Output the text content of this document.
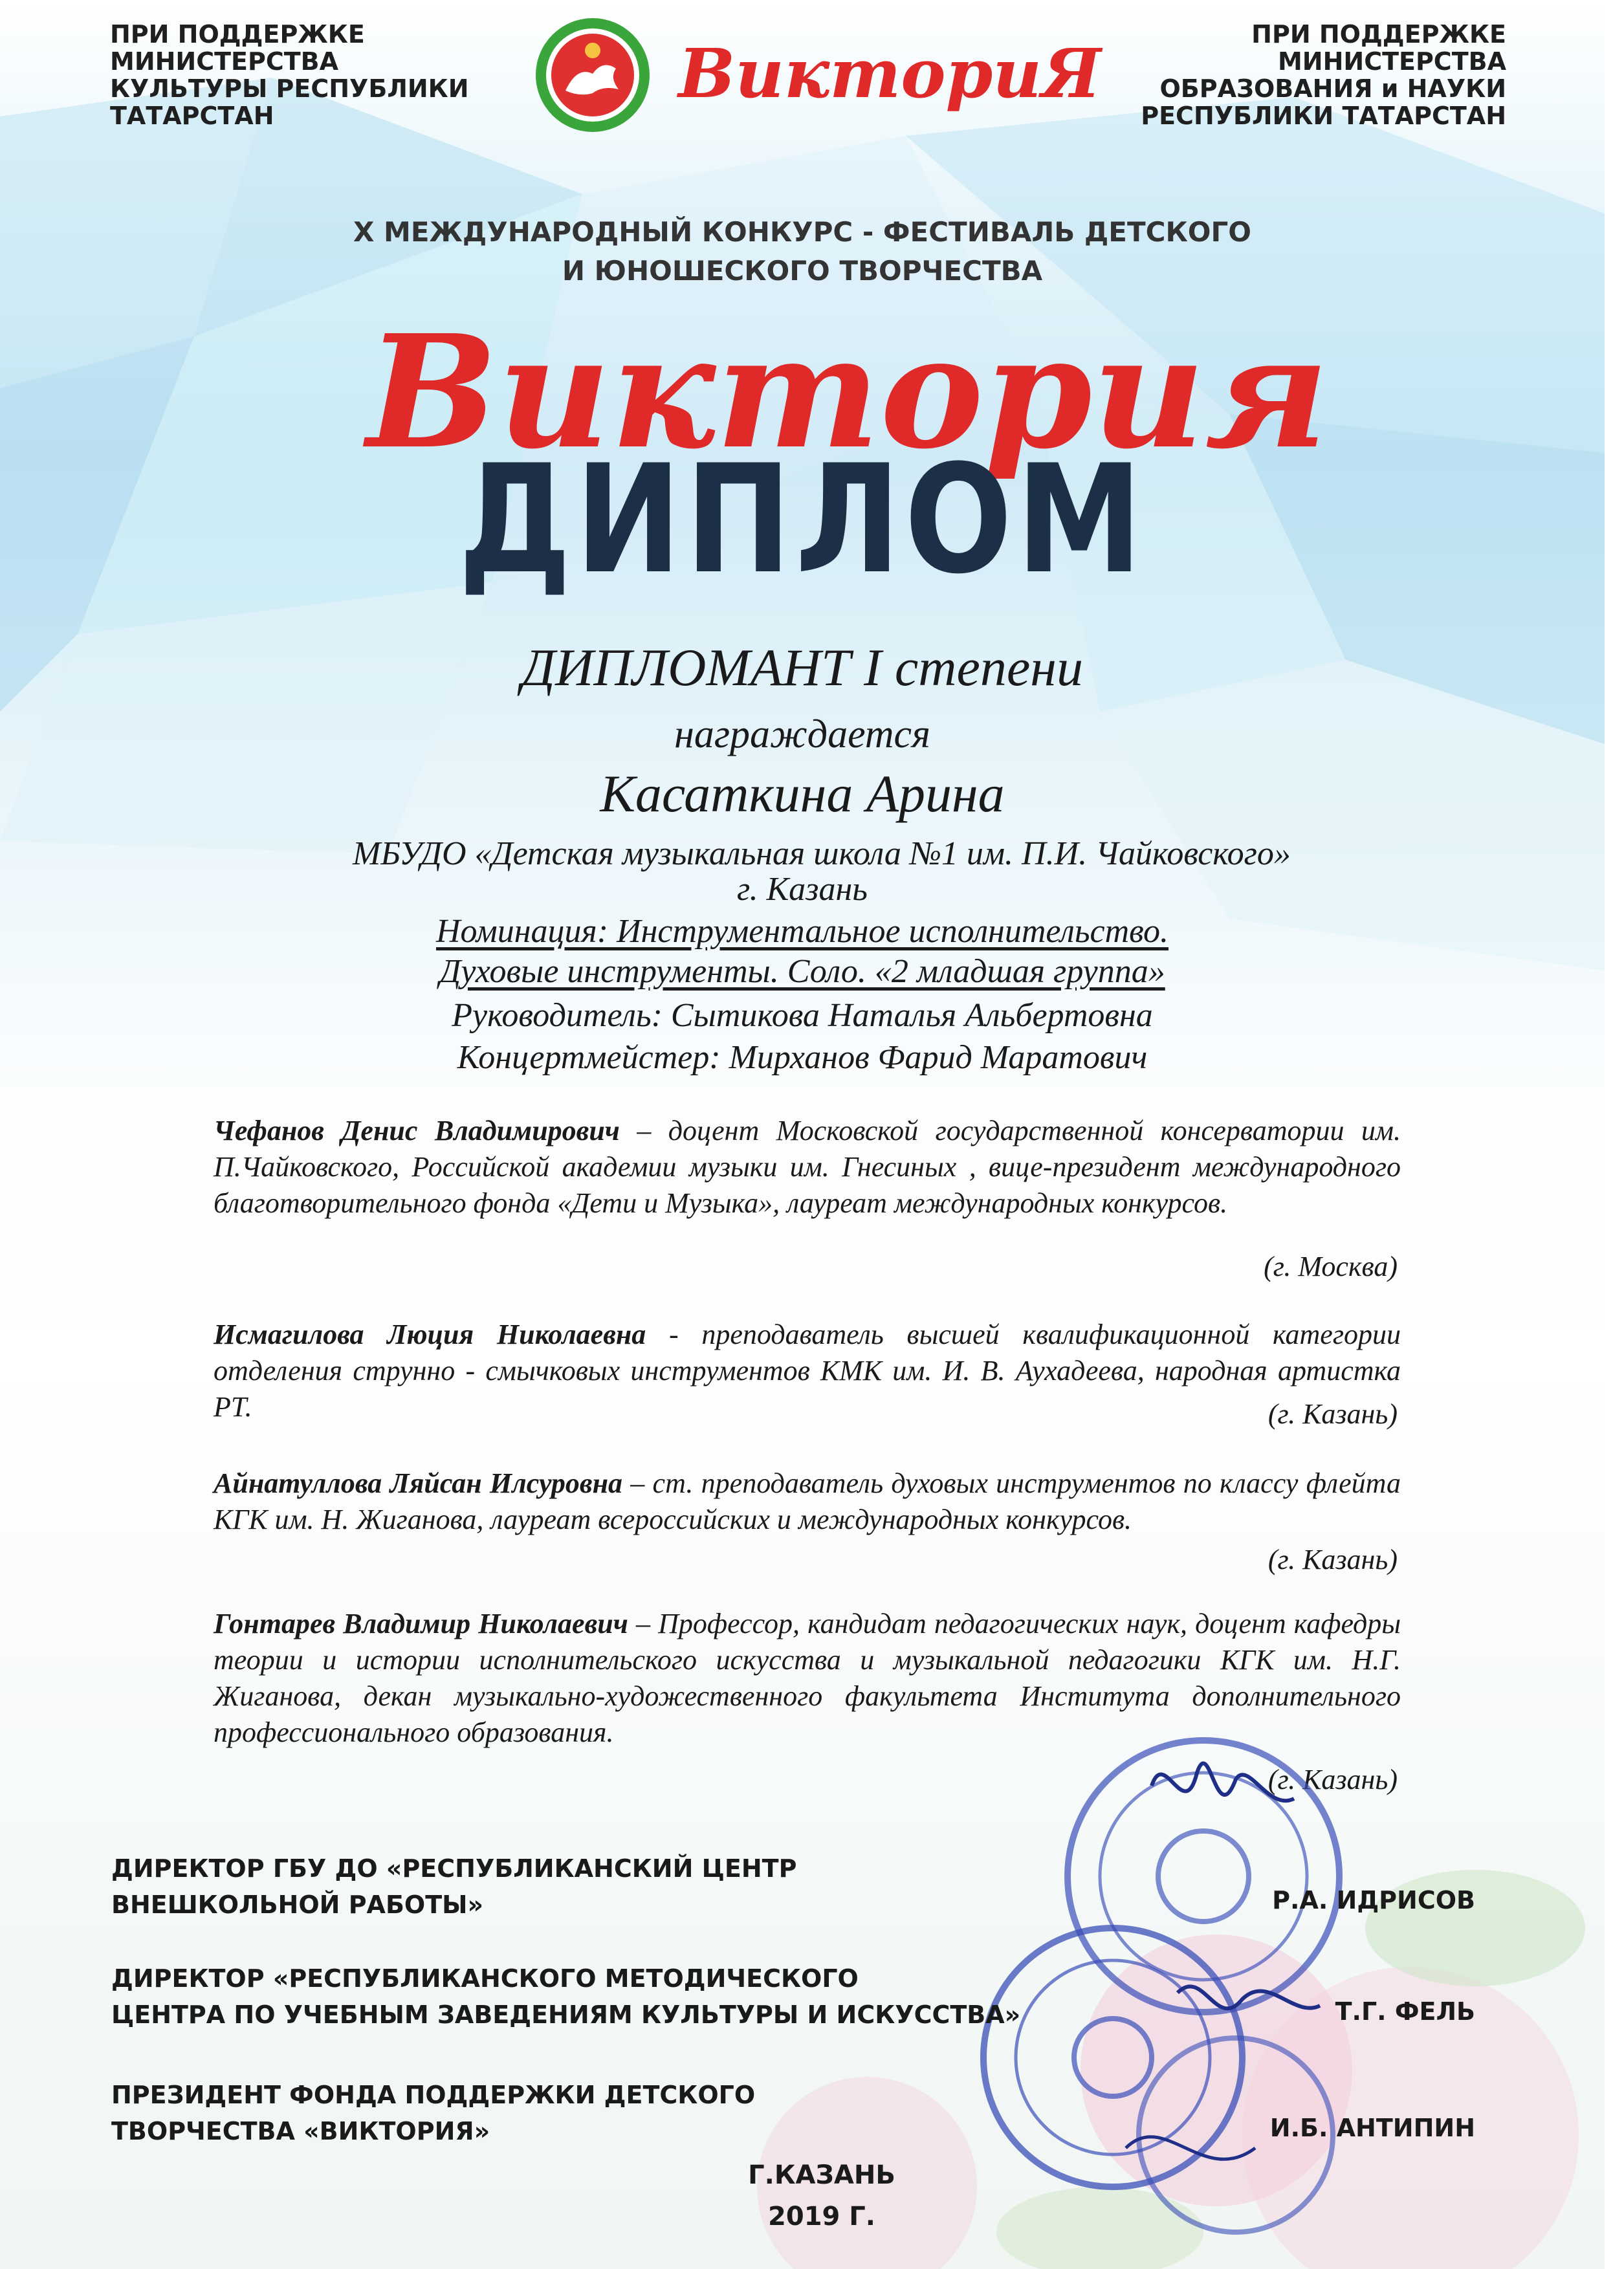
ПРИ ПОДДЕРЖКЕ
МИНИСТЕРСТВА
КУЛЬТУРЫ РЕСПУБЛИКИ
ТАТАРСТАН
ПРИ ПОДДЕРЖКЕ
МИНИСТЕРСТВА
ОБРАЗОВАНИЯ и НАУКИ
РЕСПУБЛИКИ ТАТАРСТАН
ВикториЯ
X МЕЖДУНАРОДНЫЙ КОНКУРС - ФЕСТИВАЛЬ ДЕТСКОГО
И ЮНОШЕСКОГО ТВОРЧЕСТВА
Виктория
ДИПЛОМ
ДИПЛОМАНТ I степени
награждается
Касаткина Арина
МБУДО «Детская музыкальная школа №1 им. П.И. Чайковского»
г. Казань
Номинация: Инструментальное исполнительство.
Духовые инструменты. Соло. «2 младшая группа»
Руководитель: Сытикова Наталья Альбертовна
Концертмейстер: Мирханов Фарид Маратович
Чефанов Денис Владимирович – доцент Московской государственной консерватории им. П.Чайковского, Российской академии музыки им. Гнесиных , вице-президент международного благотворительного фонда «Дети и Музыка», лауреат международных конкурсов.
(г. Москва)
Исмагилова Люция Николаевна - преподаватель высшей квалификационной категории отделения струнно - смычковых инструментов КМК им. И. В. Аухадеева, народная артистка РТ.	(г. Казань)
Айнатуллова Ляйсан Илсуровна – ст. преподаватель духовых инструментов по классу флейта КГК им. Н. Жиганова, лауреат всероссийских и международных конкурсов.
(г. Казань)
Гонтарев Владимир Николаевич – Профессор, кандидат педагогических наук, доцент кафедры теории и истории исполнительского искусства и музыкальной педагогики КГК им. Н.Г. Жиганова, декан музыкально-художественного факультета Института дополнительного профессионального образования.
(г. Казань)
ДИРЕКТОР ГБУ ДО «РЕСПУБЛИКАНСКИЙ ЦЕНТР
ВНЕШКОЛЬНОЙ РАБОТЫ»	Р.А. ИДРИСОВ
ДИРЕКТОР «РЕСПУБЛИКАНСКОГО МЕТОДИЧЕСКОГО
ЦЕНТРА ПО УЧЕБНЫМ ЗАВЕДЕНИЯМ КУЛЬТУРЫ И ИСКУССТВА»	Т.Г. ФЕЛЬ
ПРЕЗИДЕНТ ФОНДА ПОДДЕРЖКИ ДЕТСКОГО
ТВОРЧЕСТВА «ВИКТОРИЯ»	И.Б. АНТИПИН
Г.КАЗАНЬ
2019 Г.
